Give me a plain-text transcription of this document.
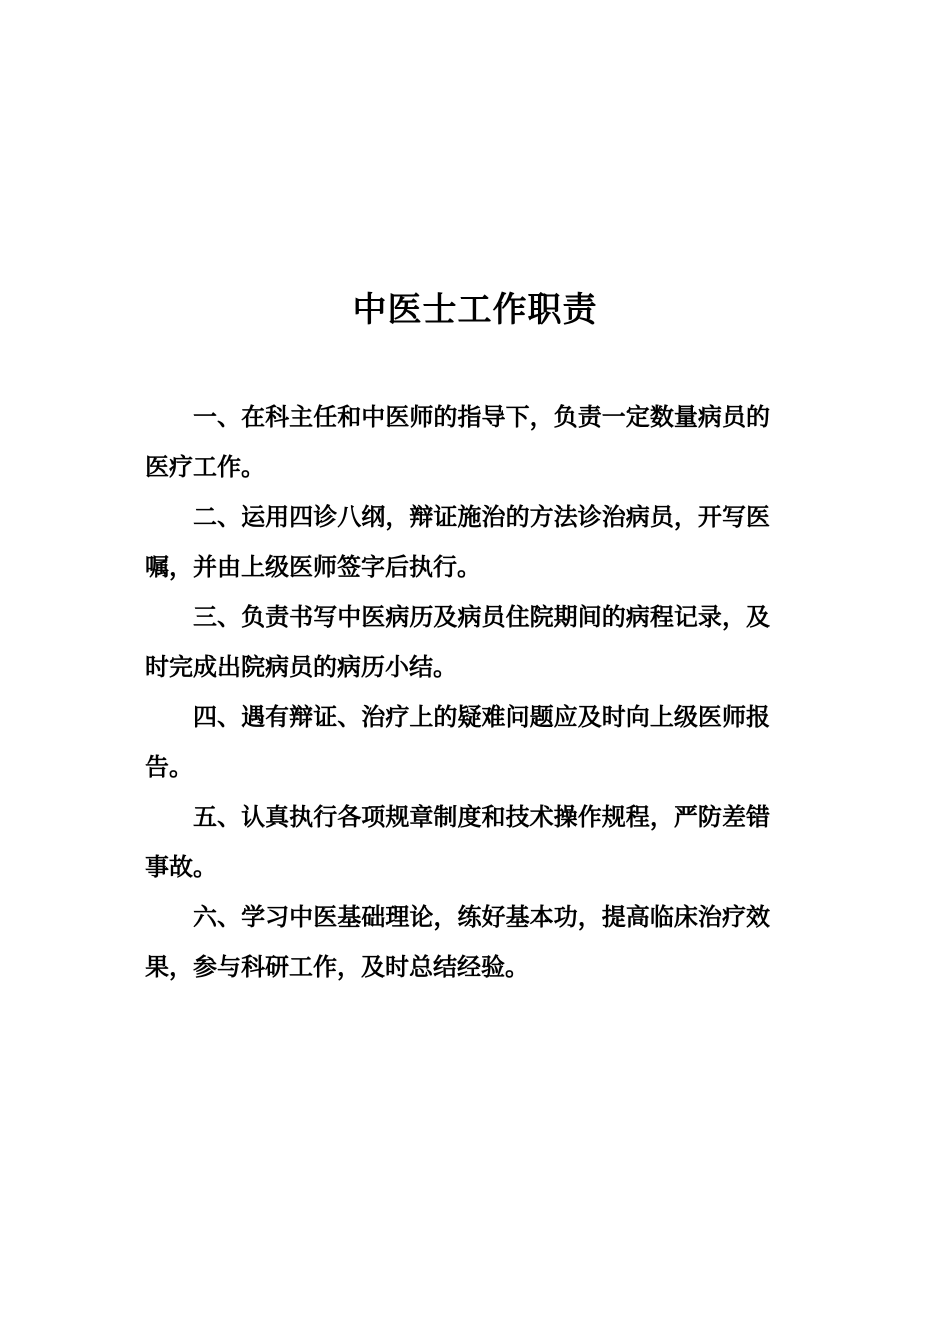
中医士工作职责

一、在科主任和中医师的指导下，负责一定数量病员的医疗工作。

二、运用四诊八纲，辩证施治的方法诊治病员，开写医嘱，并由上级医师签字后执行。

三、负责书写中医病历及病员住院期间的病程记录，及时完成出院病员的病历小结。

四、遇有辩证、治疗上的疑难问题应及时向上级医师报告。

五、认真执行各项规章制度和技术操作规程，严防差错事故。

六、学习中医基础理论，练好基本功，提高临床治疗效果，参与科研工作，及时总结经验。
